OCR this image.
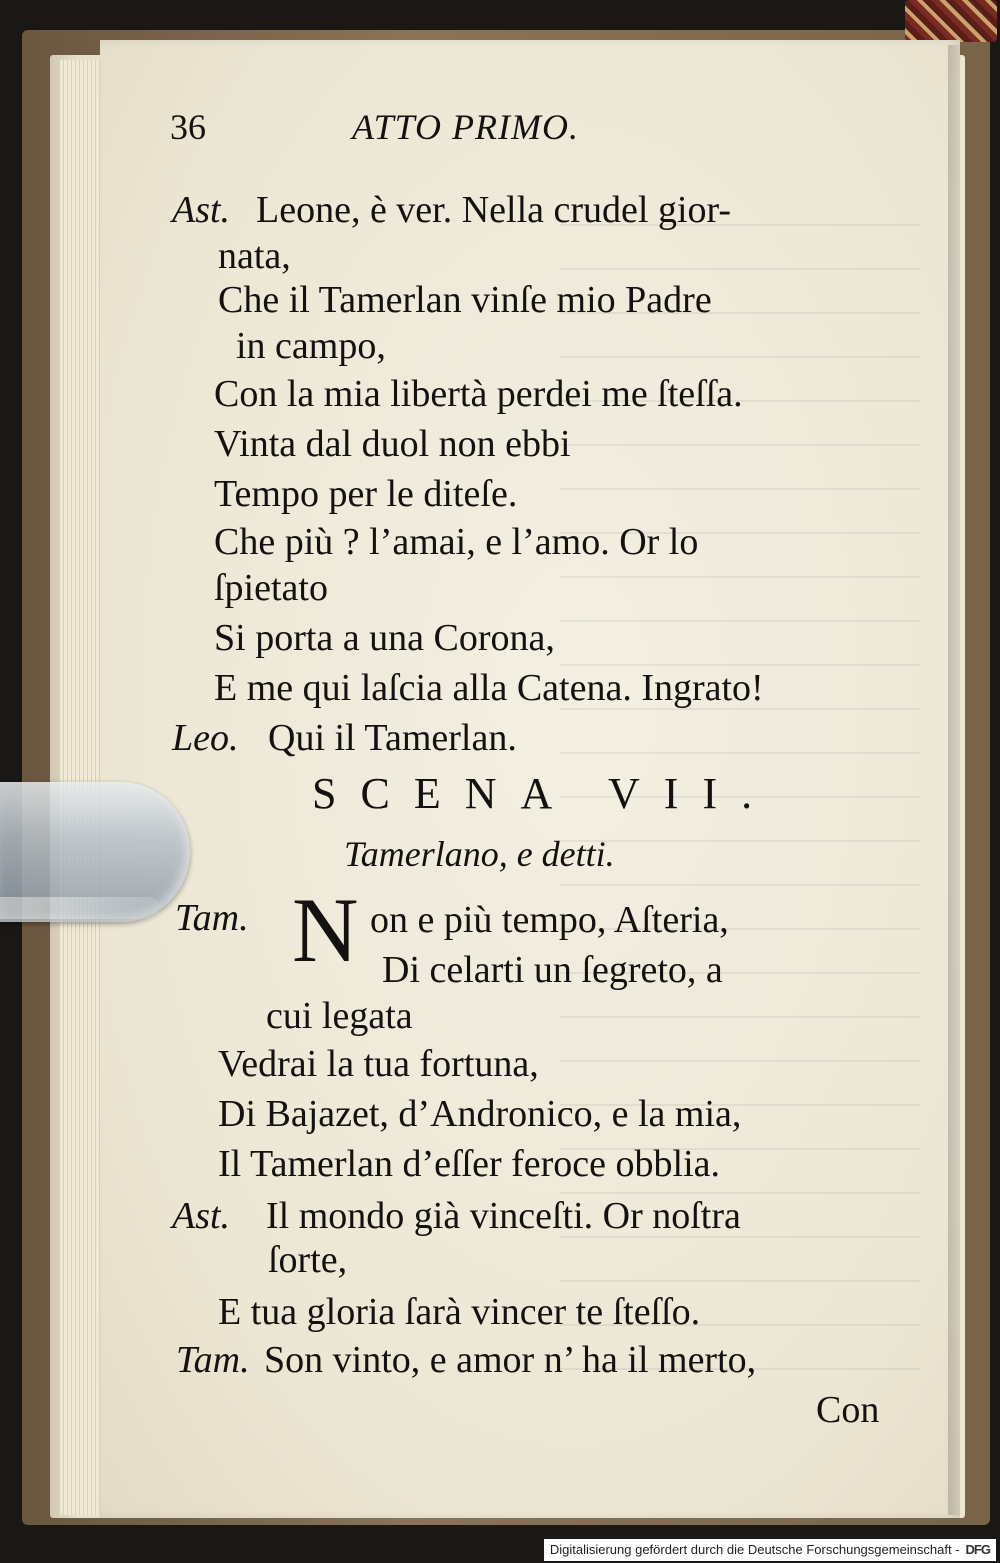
36	ATTO PRIMO.
Ast. Leone, è ver. Nella crudel gior-
nata,
Che il Tamerlan vinſe mio Padre
in campo,
Con la mia libertà perdei me ſteſſa.
Vinta dal duol non ebbi
Tempo per le diteſe.
Che più ? l’amai, e l’amo. Or lo
ſpietato
Si porta a una Corona,
E me qui laſcia alla Catena. Ingrato!
Leo. Qui il Tamerlan.
SCENA VII.
Tamerlano, e detti.
Tam. N on e più tempo, Aſteria,
Di celarti un ſegreto, a
cui legata
Vedrai la tua fortuna,
Di Bajazet, d’Andronico, e la mia,
Il Tamerlan d’eſſer feroce obblia.
Ast. Il mondo già vinceſti. Or noſtra
ſorte,
E tua gloria ſarà vincer te ſteſſo.
Tam. Son vinto, e amor n’ ha il merto,
Con
Digitalisierung gefördert durch die Deutsche Forschungsgemeinschaft - DFG
